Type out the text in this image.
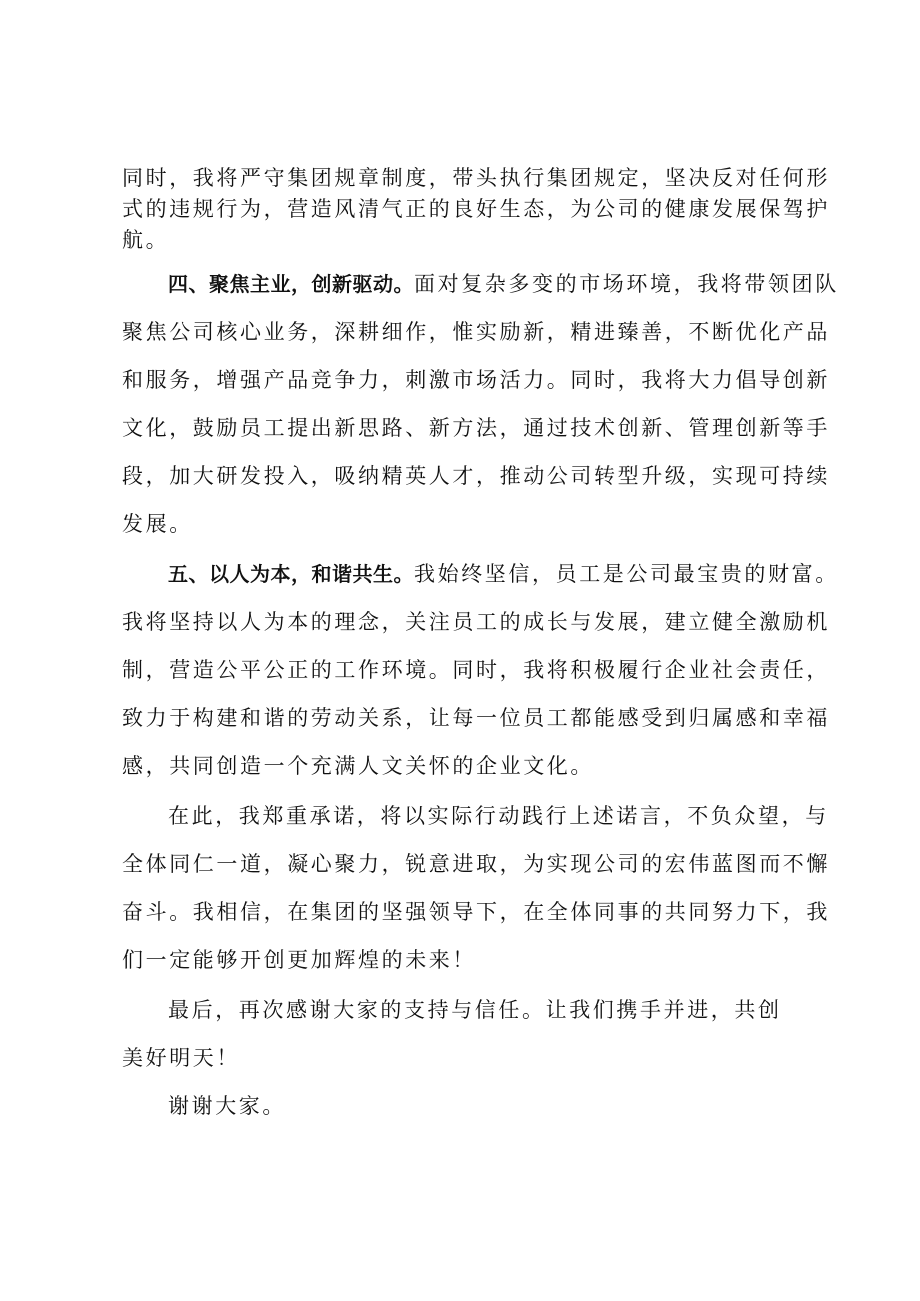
同时，我将严守集团规章制度，带头执行集团规定，坚决反对任何形
式的违规行为，营造风清气正的良好生态，为公司的健康发展保驾护
航。
四、聚焦主业，创新驱动。面对复杂多变的市场环境，我将带领团队
聚焦公司核心业务，深耕细作，惟实励新，精进臻善，不断优化产品
和服务，增强产品竞争力，刺激市场活力。同时，我将大力倡导创新
文化，鼓励员工提出新思路、新方法，通过技术创新、管理创新等手
段，加大研发投入，吸纳精英人才，推动公司转型升级，实现可持续
发展。
五、以人为本，和谐共生。我始终坚信，员工是公司最宝贵的财富。
我将坚持以人为本的理念，关注员工的成长与发展，建立健全激励机
制，营造公平公正的工作环境。同时，我将积极履行企业社会责任，
致力于构建和谐的劳动关系，让每一位员工都能感受到归属感和幸福
感，共同创造一个充满人文关怀的企业文化。
在此，我郑重承诺，将以实际行动践行上述诺言，不负众望，与
全体同仁一道，凝心聚力，锐意进取，为实现公司的宏伟蓝图而不懈
奋斗。我相信，在集团的坚强领导下，在全体同事的共同努力下，我
们一定能够开创更加辉煌的未来！
最后，再次感谢大家的支持与信任。让我们携手并进，共创
美好明天！
谢谢大家。
